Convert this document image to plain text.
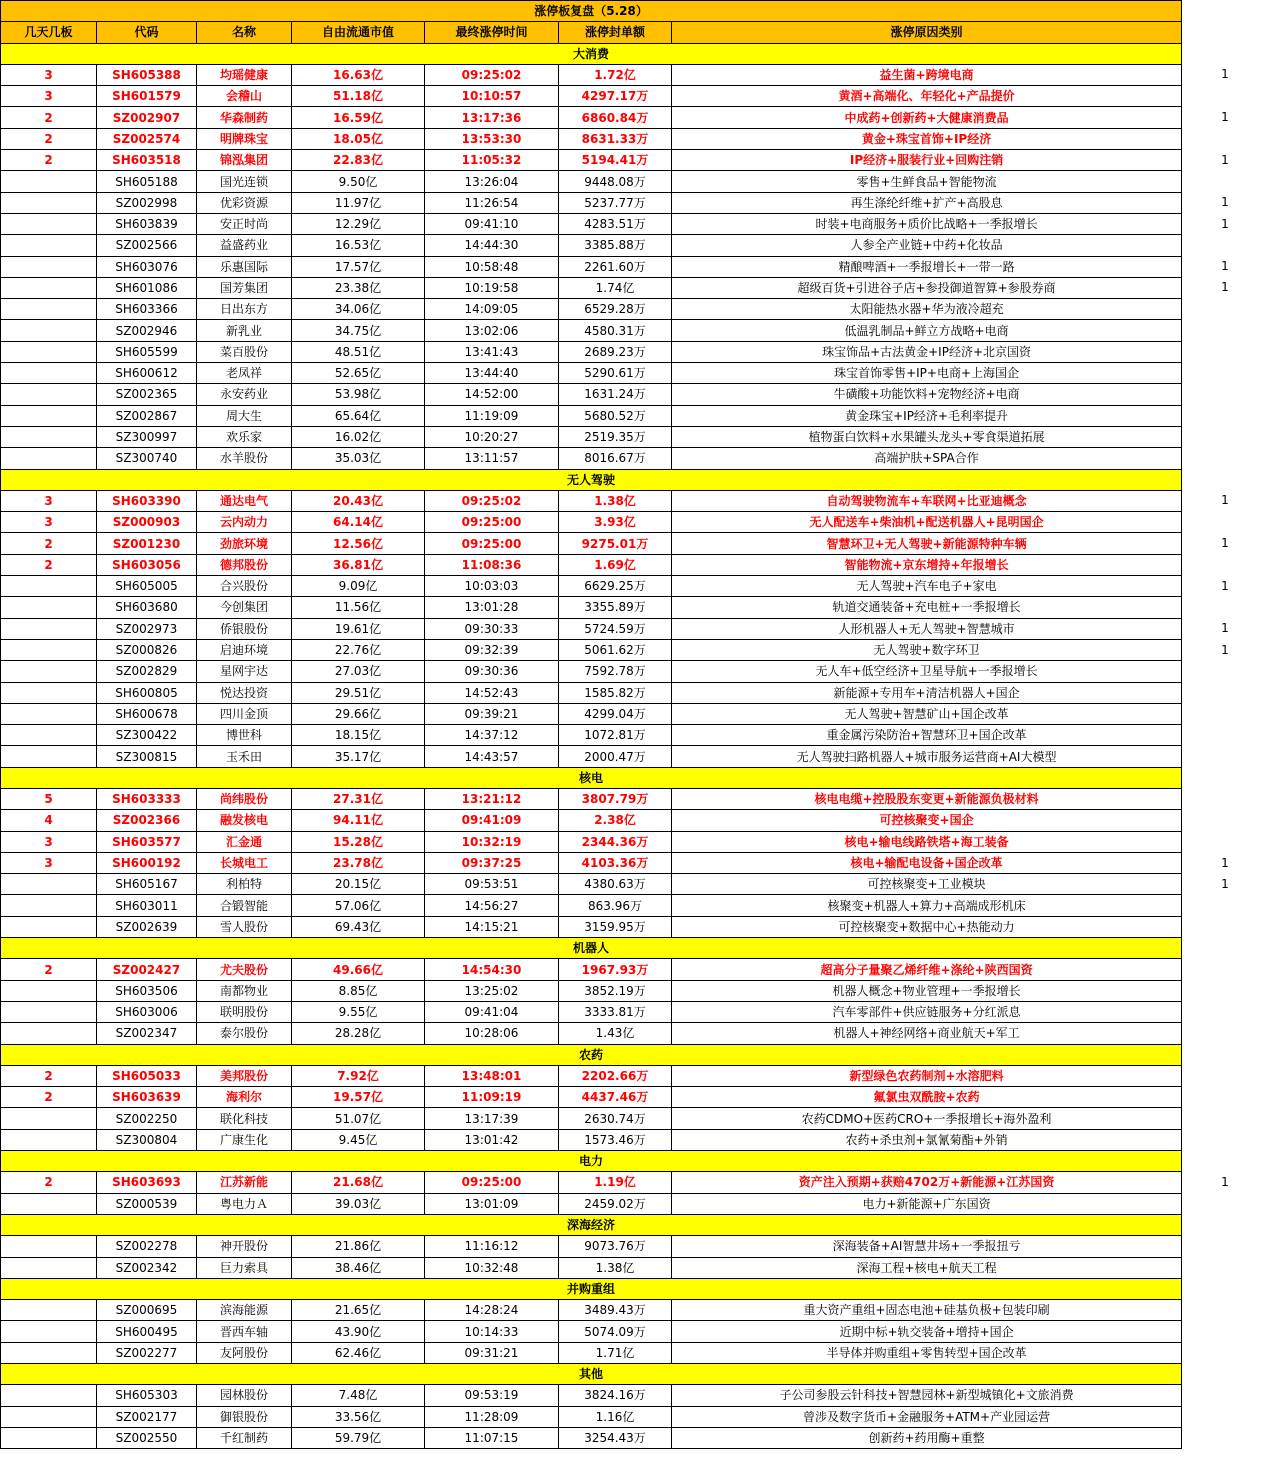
涨停板复盘（5.28）						
几天几板	代码	名称	自由流通市值	最终涨停时间	涨停封单额	涨停原因类别
大消费						
3	SH605388	均瑶健康	16.63亿	09:25:02	1.72亿	益生菌+跨境电商
3	SH601579	会稽山	51.18亿	10:10:57	4297.17万	黄酒+高端化、年轻化+产品提价
2	SZ002907	华森制药	16.59亿	13:17:36	6860.84万	中成药+创新药+大健康消费品
2	SZ002574	明牌珠宝	18.05亿	13:53:30	8631.33万	黄金+珠宝首饰+IP经济
2	SH603518	锦泓集团	22.83亿	11:05:32	5194.41万	IP经济+服装行业+回购注销
	SH605188	国光连锁	9.50亿	13:26:04	9448.08万	零售+生鲜食品+智能物流
	SZ002998	优彩资源	11.97亿	11:26:54	5237.77万	再生涤纶纤维+扩产+高股息
	SH603839	安正时尚	12.29亿	09:41:10	4283.51万	时装+电商服务+质价比战略+一季报增长
	SZ002566	益盛药业	16.53亿	14:44:30	3385.88万	人参全产业链+中药+化妆品
	SH603076	乐惠国际	17.57亿	10:58:48	2261.60万	精酿啤酒+一季报增长+一带一路
	SH601086	国芳集团	23.38亿	10:19:58	1.74亿	超级百货+引进谷子店+参投御道智算+参股券商
	SH603366	日出东方	34.06亿	14:09:05	6529.28万	太阳能热水器+华为液冷超充
	SZ002946	新乳业	34.75亿	13:02:06	4580.31万	低温乳制品+鲜立方战略+电商
	SH605599	菜百股份	48.51亿	13:41:43	2689.23万	珠宝饰品+古法黄金+IP经济+北京国资
	SH600612	老凤祥	52.65亿	13:44:40	5290.61万	珠宝首饰零售+IP+电商+上海国企
	SZ002365	永安药业	53.98亿	14:52:00	1631.24万	牛磺酸+功能饮料+宠物经济+电商
	SZ002867	周大生	65.64亿	11:19:09	5680.52万	黄金珠宝+IP经济+毛利率提升
	SZ300997	欢乐家	16.02亿	10:20:27	2519.35万	植物蛋白饮料+水果罐头龙头+零食渠道拓展
	SZ300740	水羊股份	35.03亿	13:11:57	8016.67万	高端护肤+SPA合作
无人驾驶						
3	SH603390	通达电气	20.43亿	09:25:02	1.38亿	自动驾驶物流车+车联网+比亚迪概念
3	SZ000903	云内动力	64.14亿	09:25:00	3.93亿	无人配送车+柴油机+配送机器人+昆明国企
2	SZ001230	劲旅环境	12.56亿	09:25:00	9275.01万	智慧环卫+无人驾驶+新能源特种车辆
2	SH603056	德邦股份	36.81亿	11:08:36	1.69亿	智能物流+京东增持+年报增长
	SH605005	合兴股份	9.09亿	10:03:03	6629.25万	无人驾驶+汽车电子+家电
	SH603680	今创集团	11.56亿	13:01:28	3355.89万	轨道交通装备+充电桩+一季报增长
	SZ002973	侨银股份	19.61亿	09:30:33	5724.59万	人形机器人+无人驾驶+智慧城市
	SZ000826	启迪环境	22.76亿	09:32:39	5061.62万	无人驾驶+数字环卫
	SZ002829	星网宇达	27.03亿	09:30:36	7592.78万	无人车+低空经济+卫星导航+一季报增长
	SH600805	悦达投资	29.51亿	14:52:43	1585.82万	新能源+专用车+清洁机器人+国企
	SH600678	四川金顶	29.66亿	09:39:21	4299.04万	无人驾驶+智慧矿山+国企改革
	SZ300422	博世科	18.15亿	14:37:12	1072.81万	重金属污染防治+智慧环卫+国企改革
	SZ300815	玉禾田	35.17亿	14:43:57	2000.47万	无人驾驶扫路机器人+城市服务运营商+AI大模型
核电						
5	SH603333	尚纬股份	27.31亿	13:21:12	3807.79万	核电电缆+控股股东变更+新能源负极材料
4	SZ002366	融发核电	94.11亿	09:41:09	2.38亿	可控核聚变+国企
3	SH603577	汇金通	15.28亿	10:32:19	2344.36万	核电+输电线路铁塔+海工装备
3	SH600192	长城电工	23.78亿	09:37:25	4103.36万	核电+输配电设备+国企改革
	SH605167	利柏特	20.15亿	09:53:51	4380.63万	可控核聚变+工业模块
	SH603011	合锻智能	57.06亿	14:56:27	863.96万	核聚变+机器人+算力+高端成形机床
	SZ002639	雪人股份	69.43亿	14:15:21	3159.95万	可控核聚变+数据中心+热能动力
机器人						
2	SZ002427	尤夫股份	49.66亿	14:54:30	1967.93万	超高分子量聚乙烯纤维+涤纶+陕西国资
	SH603506	南都物业	8.85亿	13:25:02	3852.19万	机器人概念+物业管理+一季报增长
	SH603006	联明股份	9.55亿	09:41:04	3333.81万	汽车零部件+供应链服务+分红派息
	SZ002347	泰尔股份	28.28亿	10:28:06	1.43亿	机器人+神经网络+商业航天+军工
农药						
2	SH605033	美邦股份	7.92亿	13:48:01	2202.66万	新型绿色农药制剂+水溶肥料
2	SH603639	海利尔	19.57亿	11:09:19	4437.46万	氟氯虫双酰胺+农药
	SZ002250	联化科技	51.07亿	13:17:39	2630.74万	农药CDMO+医药CRO+一季报增长+海外盈利
	SZ300804	广康生化	9.45亿	13:01:42	1573.46万	农药+杀虫剂+氯氰菊酯+外销
电力						
2	SH603693	江苏新能	21.68亿	09:25:00	1.19亿	资产注入预期+获赔4702万+新能源+江苏国资
	SZ000539	粤电力Ａ	39.03亿	13:01:09	2459.02万	电力+新能源+广东国资
深海经济						
	SZ002278	神开股份	21.86亿	11:16:12	9073.76万	深海装备+AI智慧井场+一季报扭亏
	SZ002342	巨力索具	38.46亿	10:32:48	1.38亿	深海工程+核电+航天工程
并购重组						
	SZ000695	滨海能源	21.65亿	14:28:24	3489.43万	重大资产重组+固态电池+硅基负极+包装印刷
	SH600495	晋西车轴	43.90亿	10:14:33	5074.09万	近期中标+轨交装备+增持+国企
	SZ002277	友阿股份	62.46亿	09:31:21	1.71亿	半导体并购重组+零售转型+国企改革
其他						
	SH605303	园林股份	7.48亿	09:53:19	3824.16万	子公司参股云针科技+智慧园林+新型城镇化+文旅消费
	SZ002177	御银股份	33.56亿	11:28:09	1.16亿	曾涉及数字货币+金融服务+ATM+产业园运营
	SZ002550	千红制药	59.79亿	11:07:15	3254.43万	创新药+药用酶+重整
1
1
1
1
1
1
1
1
1
1
1
1
1
1
1
